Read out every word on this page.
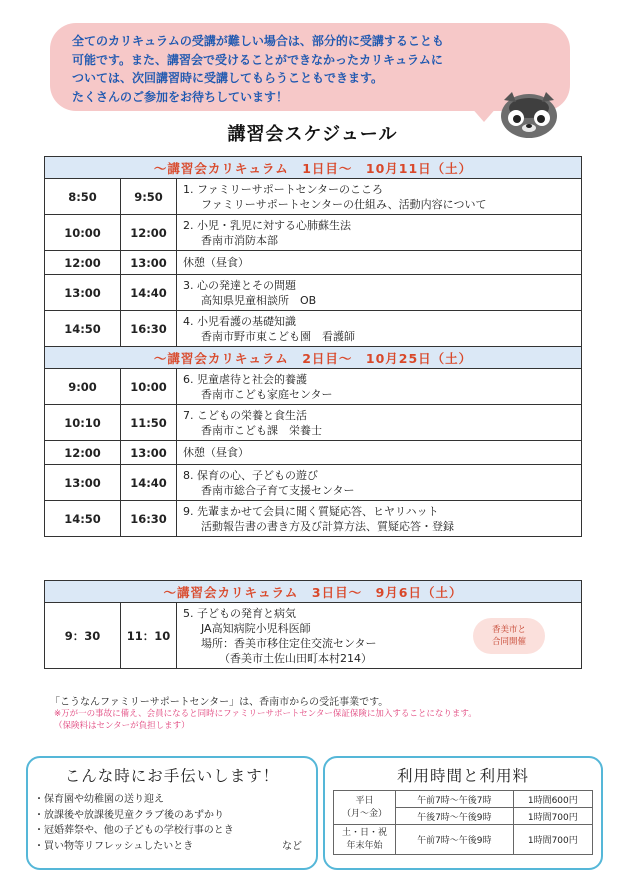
全てのカリキュラムの受講が難しい場合は、部分的に受講することも
可能です。また、講習会で受けることができなかったカリキュラムに
ついては、次回講習時に受講してもらうこともできます。
たくさんのご参加をお待ちしています！
講習会スケジュール
～講習会カリキュラム　1日目～　10月11日（土）		
8:50	9:50	1. ファミリーサポートセンターのこころ
ファミリーサポートセンターの仕組み、活動内容について

10:00	12:00	2. 小児・乳児に対する心肺蘇生法
香南市消防本部

12:00	13:00	休憩（昼食）
13:00	14:40	3. 心の発達とその問題
高知県児童相談所　OB

14:50	16:30	4. 小児看護の基礎知識
香南市野市東こども園　看護師

～講習会カリキュラム　2日目～　10月25日（土）		
9:00	10:00	6. 児童虐待と社会的養護
香南市こども家庭センター

10:10	11:50	7. こどもの栄養と食生活
香南市こども課　栄養士

12:00	13:00	休憩（昼食）
13:00	14:40	8. 保育の心、子どもの遊び
香南市総合子育て支援センター

14:50	16:30	9. 先輩まかせて会員に聞く質疑応答、ヒヤリハット
活動報告書の書き方及び計算方法、質疑応答・登録
～講習会カリキュラム　3日目～　9月6日（土）
9：30	11：10	
5. 子どもの発育と病気
JA高知病院小児科医師
場所：香美市移住定住交流センター
（香美市土佐山田町本村214）
香美市と
合同開催
「こうなんファミリーサポートセンター」は、香南市からの受託事業です。
※万が一の事故に備え、会員になると同時にファミリーサポートセンター保証保険に加入することになります。
（保険料はセンターが負担します）
こんな時にお手伝いします！
・保育園や幼稚園の送り迎え
・放課後や放課後児童クラブ後のあずかり
・冠婚葬祭や、他の子どもの学校行事のとき
・買い物等リフレッシュしたいとき	など
利用時間と利用料
平日
（月～金）	午前7時～午後7時	1時間600円
	午後7時～午後9時	1時間700円

土・日・祝
年末年始	午前7時～午後9時	1時間700円
